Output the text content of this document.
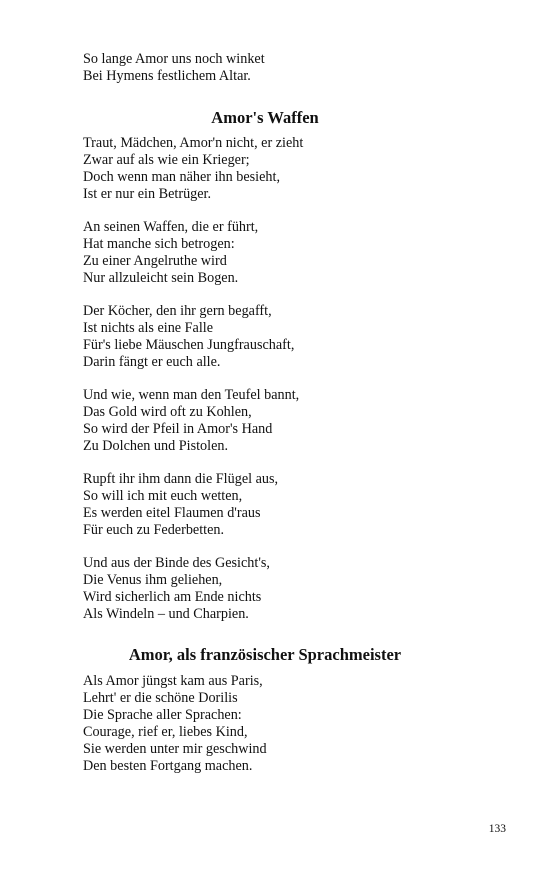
So lange Amor uns noch winket
Bei Hymens festlichem Altar.
Amor's Waffen
Traut, Mädchen, Amor'n nicht, er zieht
Zwar auf als wie ein Krieger;
Doch wenn man näher ihn besieht,
Ist er nur ein Betrüger.
An seinen Waffen, die er führt,
Hat manche sich betrogen:
Zu einer Angelruthe wird
Nur allzuleicht sein Bogen.
Der Köcher, den ihr gern begafft,
Ist nichts als eine Falle
Für's liebe Mäuschen Jungfrauschaft,
Darin fängt er euch alle.
Und wie, wenn man den Teufel bannt,
Das Gold wird oft zu Kohlen,
So wird der Pfeil in Amor's Hand
Zu Dolchen und Pistolen.
Rupft ihr ihm dann die Flügel aus,
So will ich mit euch wetten,
Es werden eitel Flaumen d'raus
Für euch zu Federbetten.
Und aus der Binde des Gesicht's,
Die Venus ihm geliehen,
Wird sicherlich am Ende nichts
Als Windeln – und Charpien.
Amor, als französischer Sprachmeister
Als Amor jüngst kam aus Paris,
Lehrt' er die schöne Dorilis
Die Sprache aller Sprachen:
Courage, rief er, liebes Kind,
Sie werden unter mir geschwind
Den besten Fortgang machen.
133
